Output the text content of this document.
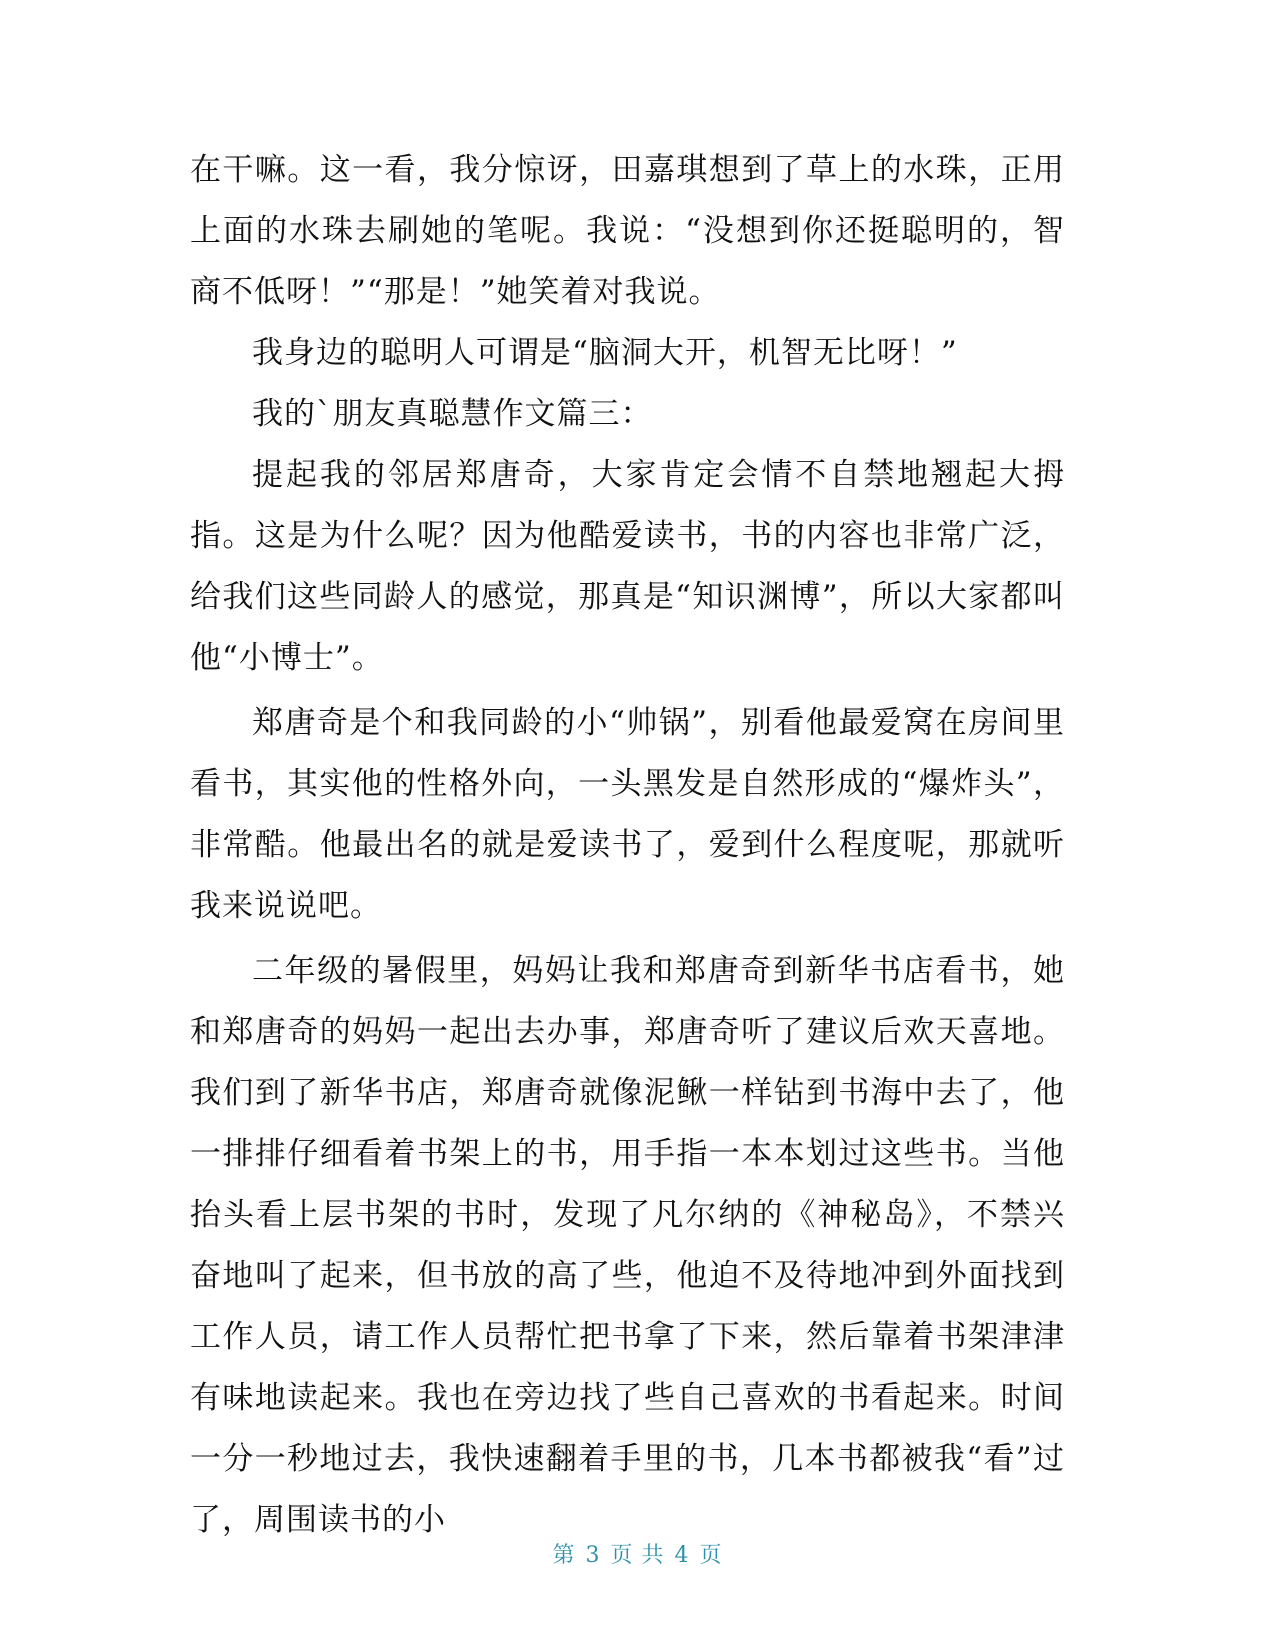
在干嘛。这一看，我分惊讶，田嘉琪想到了草上的水珠，正用上面的水珠去刷她的笔呢。我说：“没想到你还挺聪明的，智商不低呀！”“那是！”她笑着对我说。

我身边的聪明人可谓是“脑洞大开，机智无比呀！”

我的`朋友真聪慧作文篇三：

提起我的邻居郑唐奇，大家肯定会情不自禁地翘起大拇指。这是为什么呢？因为他酷爱读书，书的内容也非常广泛，给我们这些同龄人的感觉，那真是“知识渊博”，所以大家都叫他“小博士”。

郑唐奇是个和我同龄的小“帅锅”，别看他最爱窝在房间里看书，其实他的性格外向，一头黑发是自然形成的“爆炸头”，非常酷。他最出名的就是爱读书了，爱到什么程度呢，那就听我来说说吧。

二年级的暑假里，妈妈让我和郑唐奇到新华书店看书，她和郑唐奇的妈妈一起出去办事，郑唐奇听了建议后欢天喜地。我们到了新华书店，郑唐奇就像泥鳅一样钻到书海中去了，他一排排仔细看着书架上的书，用手指一本本划过这些书。当他抬头看上层书架的书时，发现了凡尔纳的《神秘岛》，不禁兴奋地叫了起来，但书放的高了些，他迫不及待地冲到外面找到工作人员，请工作人员帮忙把书拿了下来，然后靠着书架津津有味地读起来。我也在旁边找了些自己喜欢的书看起来。时间一分一秒地过去，我快速翻着手里的书，几本书都被我“看”过了，周围读书的小

第 3 页 共 4 页
